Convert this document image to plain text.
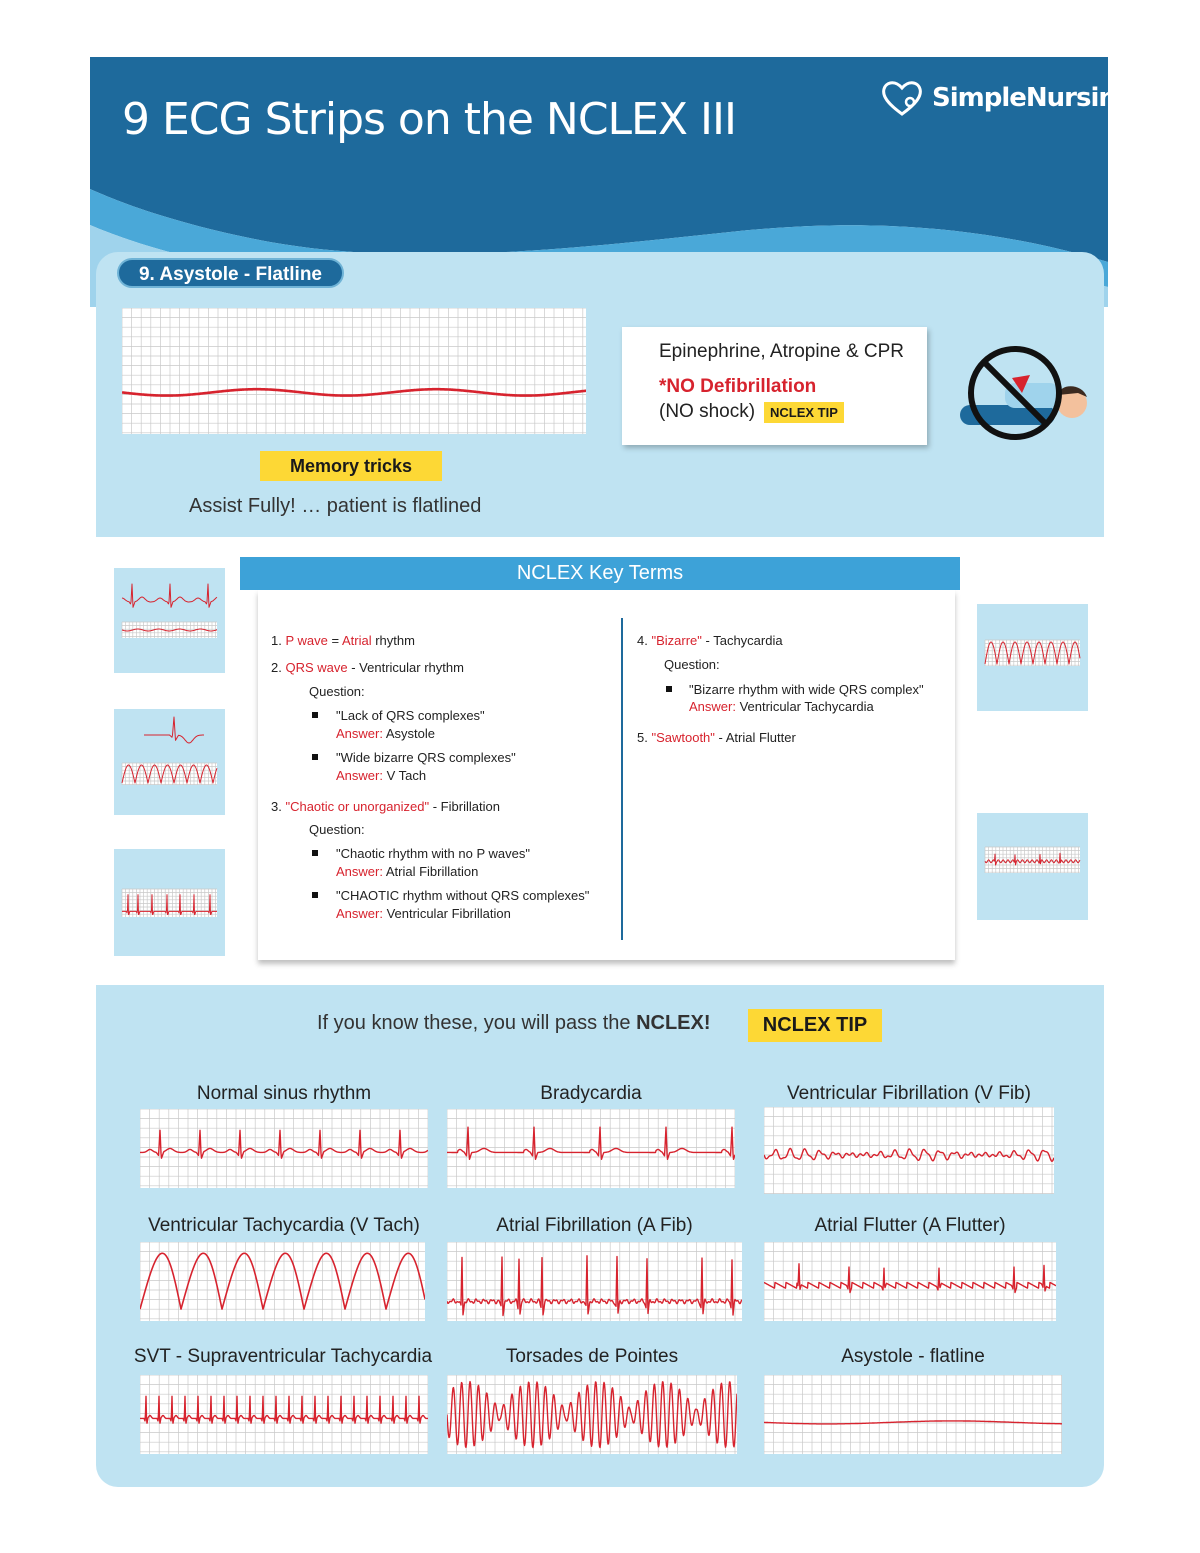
9 ECG Strips on the NCLEX III	SimpleNursing
9. Asystole - Flatline
Epinephrine, Atropine & CPR
*NO Defibrillation
(NO shock)	NCLEX TIP
Memory tricks
Assist Fully! … patient is flatlined
NCLEX Key Terms
1. P wave = Atrial rhythm
2. QRS wave - Ventricular rhythm
Question:
"Lack of QRS complexes"
Answer: Asystole
"Wide bizarre QRS complexes"
Answer: V Tach
3. "Chaotic or unorganized" - Fibrillation
Question:
"Chaotic rhythm with no P waves"
Answer: Atrial Fibrillation
"CHAOTIC rhythm without QRS complexes"
Answer: Ventricular Fibrillation
4. "Bizarre" - Tachycardia
Question:
"Bizarre rhythm with wide QRS complex"
Answer: Ventricular Tachycardia
5. "Sawtooth" - Atrial Flutter
If you know these, you will pass the NCLEX!	NCLEX TIP
Normal sinus rhythm	Bradycardia	Ventricular Fibrillation (V Fib)
Ventricular Tachycardia (V Tach)	Atrial Fibrillation (A Fib)	Atrial Flutter (A Flutter)
SVT - Supraventricular Tachycardia	Torsades de Pointes	Asystole - flatline
